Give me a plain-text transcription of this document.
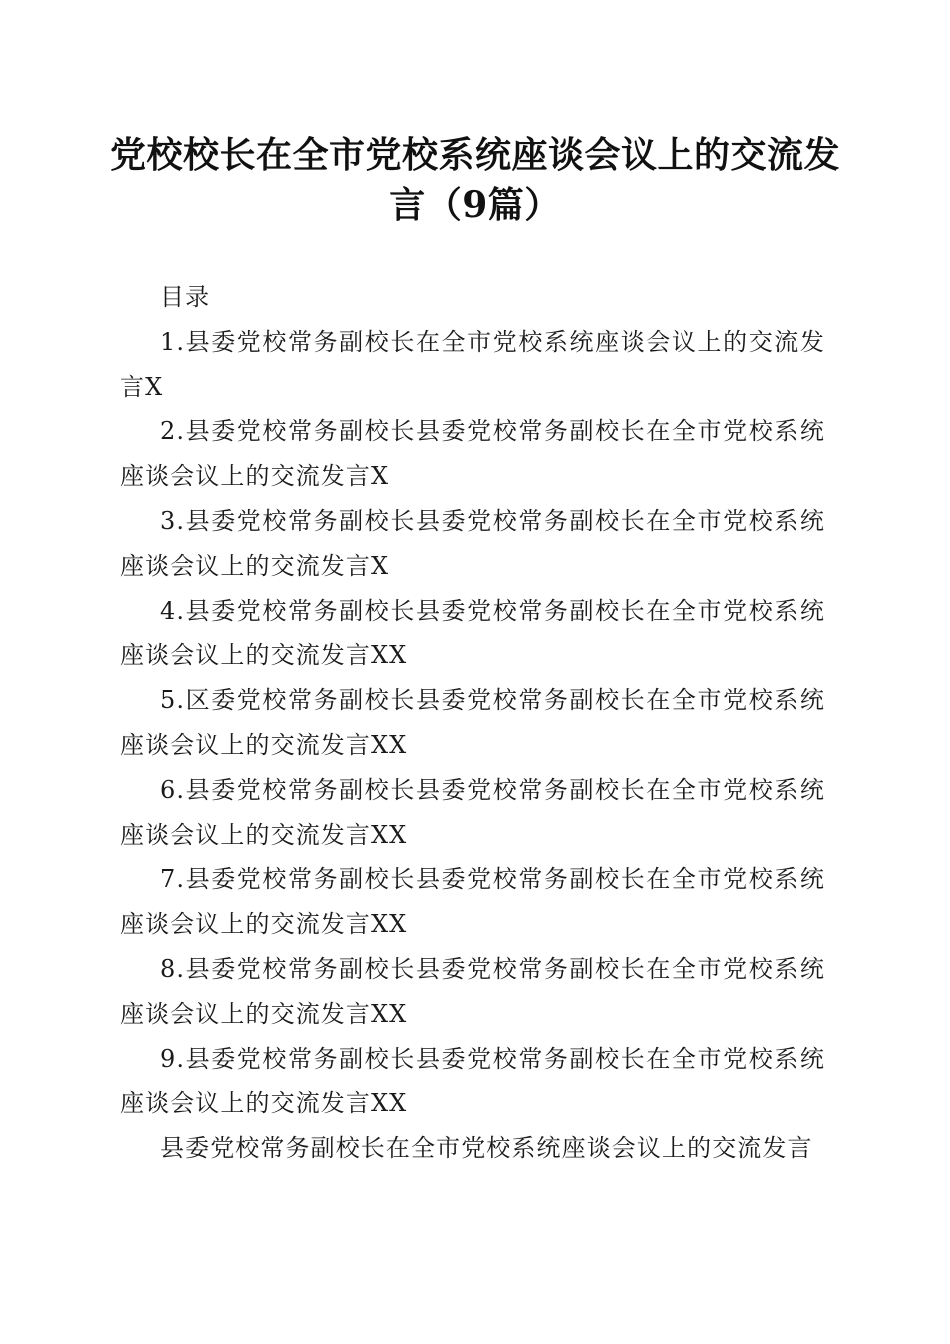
党校校长在全市党校系统座谈会议上的交流发言（9篇）

目录

1.县委党校常务副校长在全市党校系统座谈会议上的交流发言X

2.县委党校常务副校长县委党校常务副校长在全市党校系统座谈会议上的交流发言X

3.县委党校常务副校长县委党校常务副校长在全市党校系统座谈会议上的交流发言X

4.县委党校常务副校长县委党校常务副校长在全市党校系统座谈会议上的交流发言XX

5.区委党校常务副校长县委党校常务副校长在全市党校系统座谈会议上的交流发言XX

6.县委党校常务副校长县委党校常务副校长在全市党校系统座谈会议上的交流发言XX

7.县委党校常务副校长县委党校常务副校长在全市党校系统座谈会议上的交流发言XX

8.县委党校常务副校长县委党校常务副校长在全市党校系统座谈会议上的交流发言XX

9.县委党校常务副校长县委党校常务副校长在全市党校系统座谈会议上的交流发言XX

县委党校常务副校长在全市党校系统座谈会议上的交流发言
